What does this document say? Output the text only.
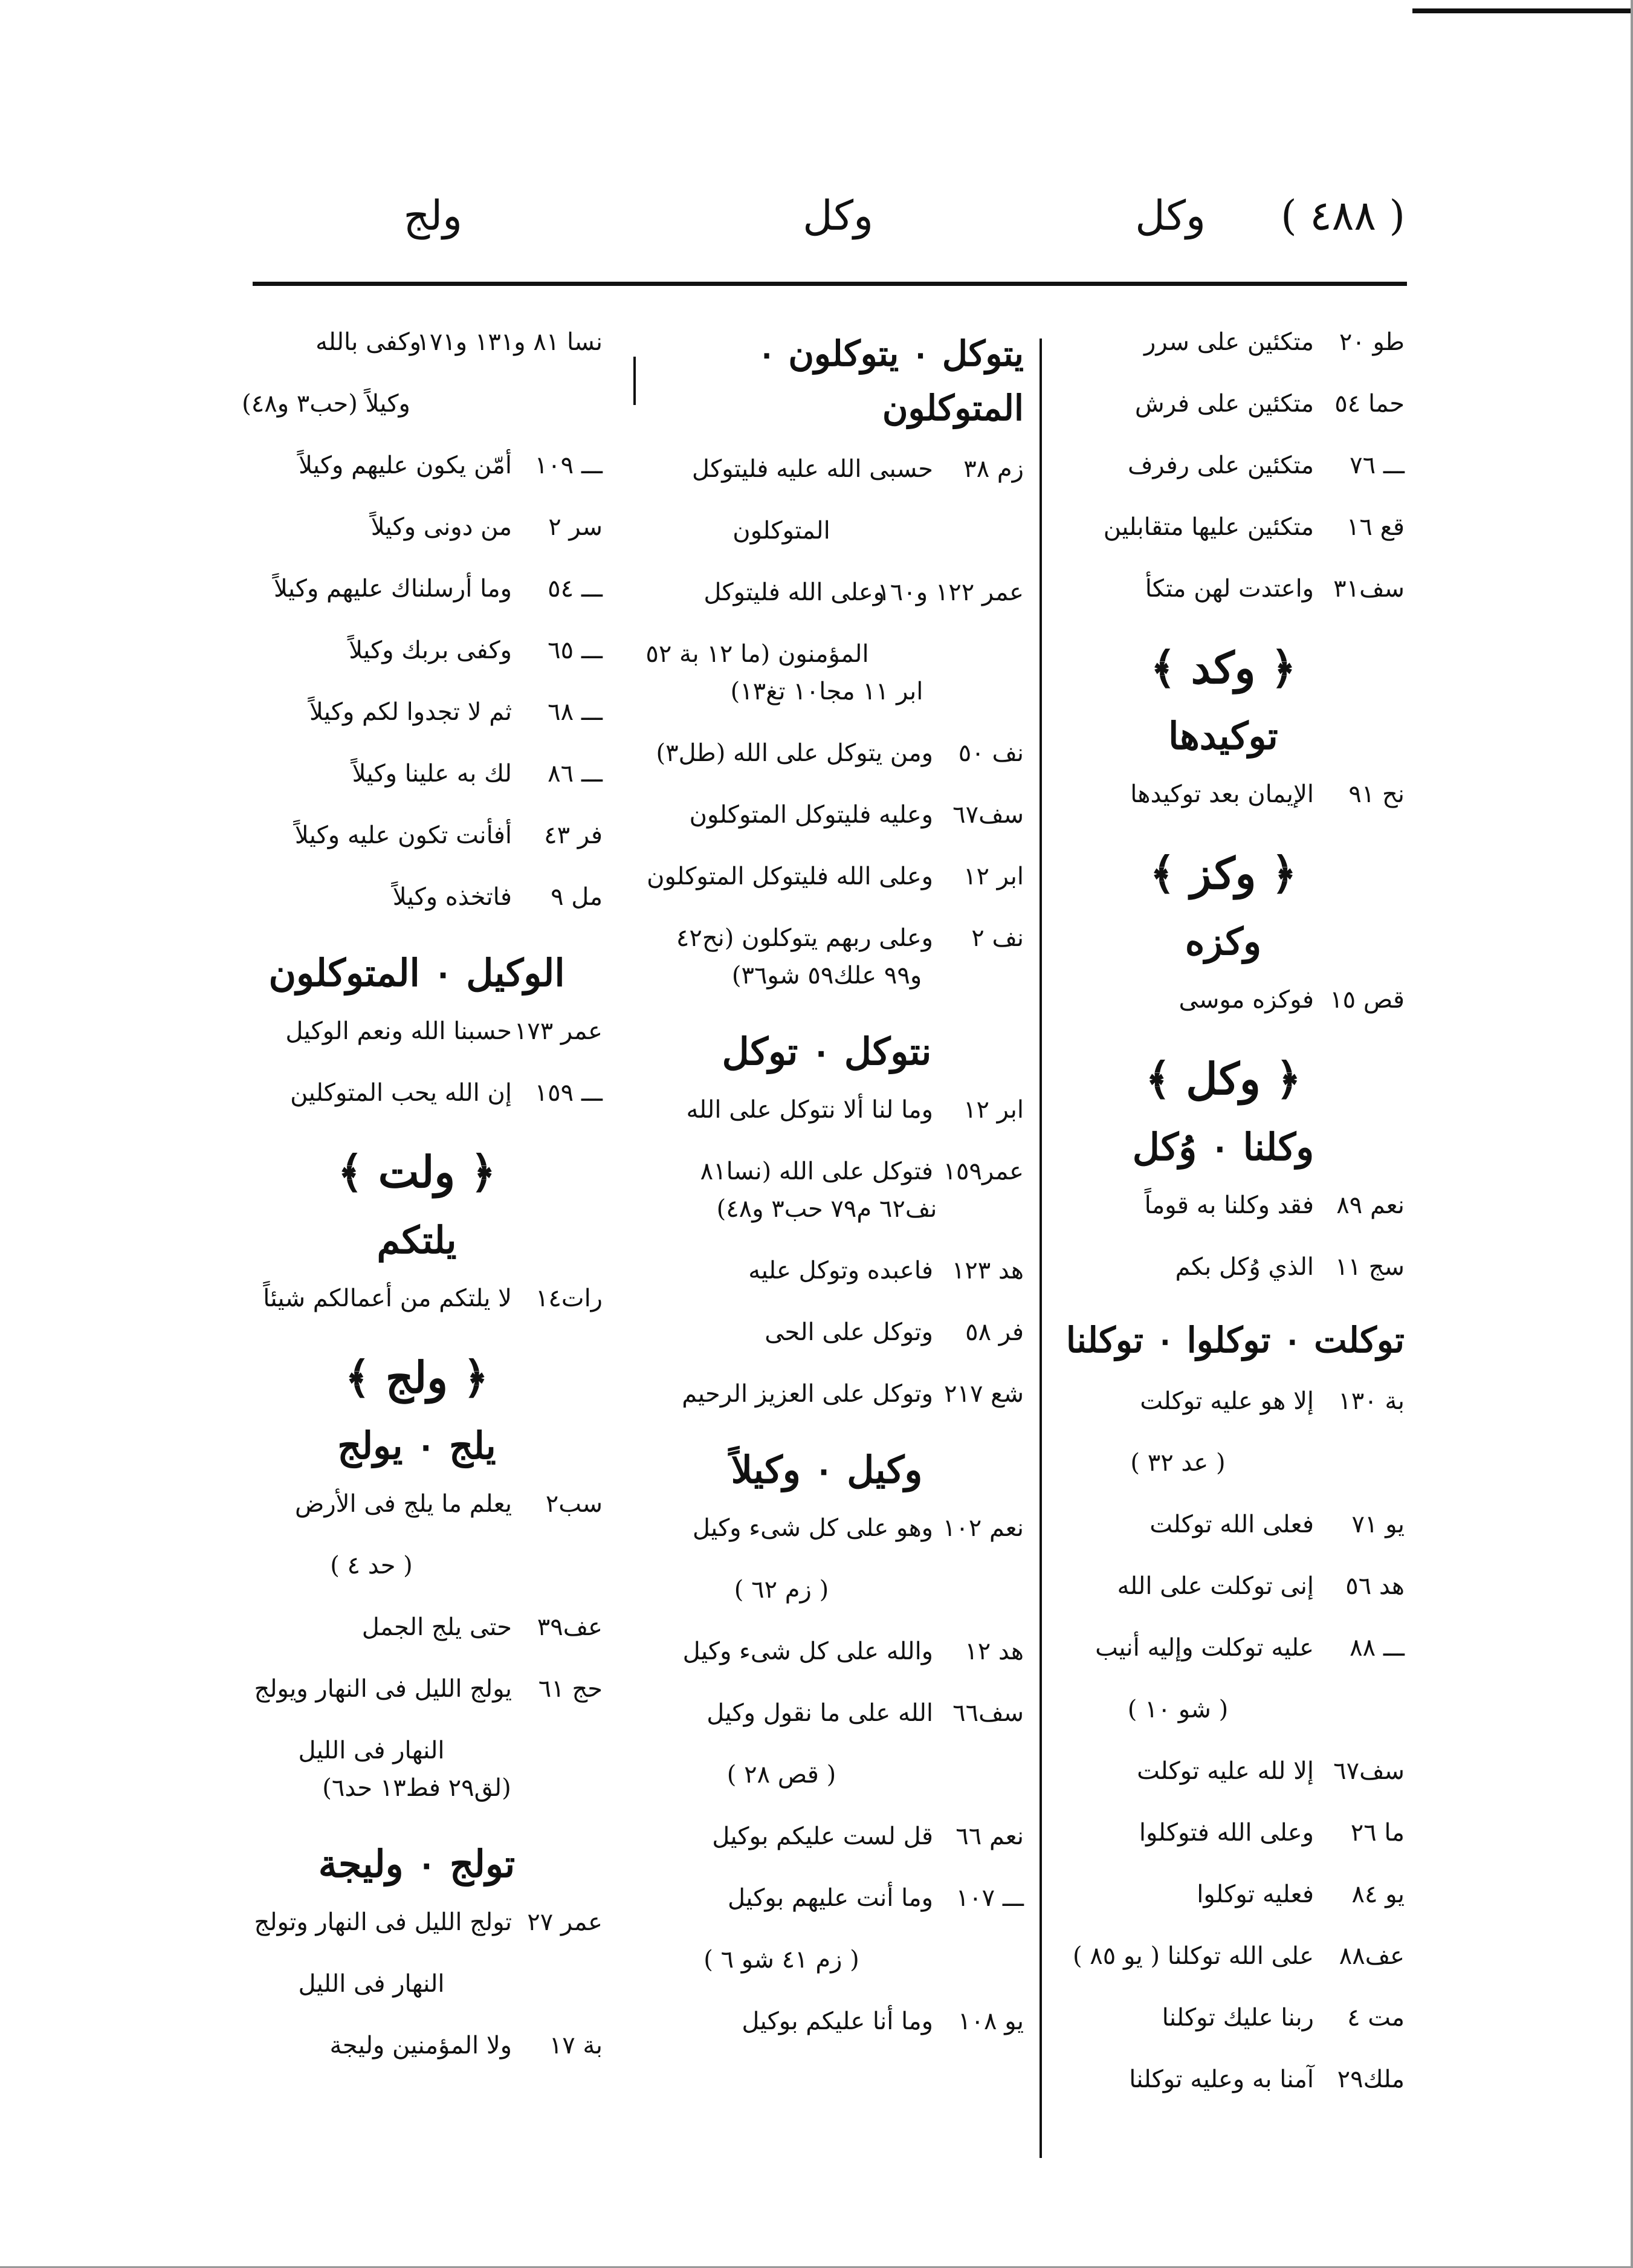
( ٤٨٨ )
وكل
وكل
ولج
طو ٢٠
متكئين على سرر
حما ٥٤
متكئين على فرش
ـــ ٧٦
متكئين على رفرف
قع ١٦
متكئين عليها متقابلين
سف٣١
واعتدت لهن متكأ
﴿ وكد ﴾
توكيدها
نح ٩١
الإيمان بعد توكيدها
﴿ وكز ﴾
وكزه
قص ١٥
فوكزه موسى
﴿ وكل ﴾
وكلنا ۰ وُكل
نعم ٨٩
فقد وكلنا به قوماً
سج ١١
الذي وُكل بكم
توكلت ۰ توكلوا ۰ توكلنا
بة ١٣٠
إلا هو عليه توكلت
( عد ٣٢ )
يو ٧١
فعلى الله توكلت
هد ٥٦
إنى توكلت على الله
ـــ ٨٨
عليه توكلت وإليه أنيب
( شو ١٠ )
سف٦٧
إلا لله عليه توكلت
ما ٢٦
وعلى الله فتوكلوا
يو ٨٤
فعليه توكلوا
عف٨٨
على الله توكلنا ( يو ٨٥ )
مت ٤
ربنا عليك توكلنا
ملك٢٩
آمنا به وعليه توكلنا
يتوكل ۰ يتوكلون ۰ المتوكلون
زم ٣٨
حسبى الله عليه فليتوكل
المتوكلون
عمر ١٢٢ و١٦٠
وعلى الله فليتوكل
المؤمنون (ما ١٢ بة ٥٢
ابر ١١ مجا١٠ تغ١٣)
نف ٥٠
ومن يتوكل على الله (طل٣)
سف٦٧
وعليه فليتوكل المتوكلون
ابر ١٢
وعلى الله فليتوكل المتوكلون
نف ٢
وعلى ربهم يتوكلون (نح٤٢
و٩٩ علك٥٩ شو٣٦)
نتوكل ۰ توكل
ابر ١٢
وما لنا ألا نتوكل على الله
عمر١٥٩
فتوكل على الله (نسا٨١
نف٦٢ م٧٩ حب٣ و٤٨)
هد ١٢٣
فاعبده وتوكل عليه
فر ٥٨
وتوكل على الحى
شع ٢١٧
وتوكل على العزيز الرحيم
وكيل ۰ وكيلاً
نعم ١٠٢
وهو على كل شىء وكيل
( زم ٦٢ )
هد ١٢
والله على كل شىء وكيل
سف٦٦
الله على ما نقول وكيل
( قص ٢٨ )
نعم ٦٦
قل لست عليكم بوكيل
ـــ ١٠٧
وما أنت عليهم بوكيل
( زم ٤١ شو ٦ )
يو ١٠٨
وما أنا عليكم بوكيل
نسا ٨١ و١٣١ و١٧١
وكفى بالله
وكيلاً (حب٣ و٤٨)
ـــ ١٠٩
أمّن يكون عليهم وكيلاً
سر ٢
من دونى وكيلاً
ـــ ٥٤
وما أرسلناك عليهم وكيلاً
ـــ ٦٥
وكفى بربك وكيلاً
ـــ ٦٨
ثم لا تجدوا لكم وكيلاً
ـــ ٨٦
لك به علينا وكيلاً
فر ٤٣
أفأنت تكون عليه وكيلاً
مل ٩
فاتخذه وكيلاً
الوكيل ۰ المتوكلون
عمر ١٧٣
حسبنا الله ونعم الوكيل
ـــ ١٥٩
إن الله يحب المتوكلين
﴿ ولت ﴾
يلتكم
رات١٤
لا يلتكم من أعمالكم شيئاً
﴿ ولج ﴾
يلج ۰ يولج
سب٢
يعلم ما يلج فى الأرض
( حد ٤ )
عف٣٩
حتى يلج الجمل
حج ٦١
يولج الليل فى النهار ويولج
النهار فى الليل
(لق٢٩ فط١٣ حد٦)
تولج ۰ وليجة
عمر ٢٧
تولج الليل فى النهار وتولج
النهار فى الليل
بة ١٧
ولا المؤمنين وليجة
